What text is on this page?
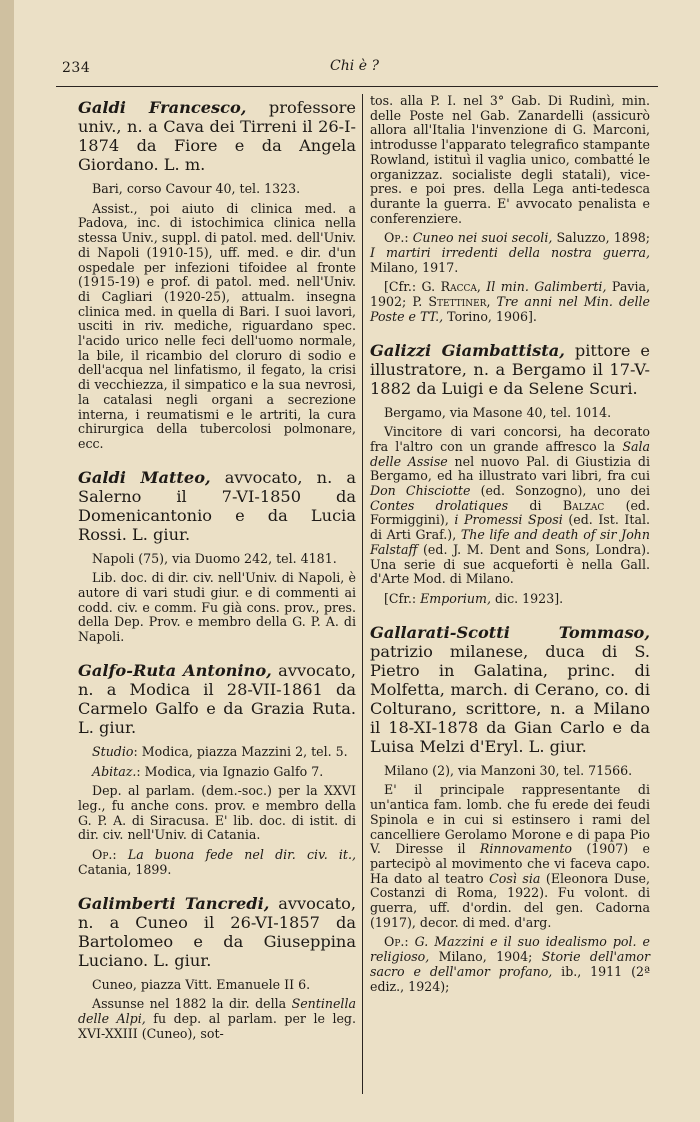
234	Chi è ?
Galdi Francesco, professore univ., n. a Cava dei Tirreni il 26-I-1874 da Fiore e da Angela Giordano. L. m.
Bari, corso Cavour 40, tel. 1323.
Assist., poi aiuto di clinica med. a Padova, inc. di istochimica clinica nella stessa Univ., suppl. di patol. med. dell'Univ. di Napoli (1910-15), uff. med. e dir. d'un ospedale per infezioni tifoidee al fronte (1915-19) e prof. di patol. med. nell'Univ. di Cagliari (1920-25), attualm. insegna clinica med. in quella di Bari. I suoi lavori, usciti in riv. mediche, riguardano spec. l'acido urico nelle feci dell'uomo normale, la bile, il ricambio del cloruro di sodio e dell'acqua nel linfatismo, il fegato, la crisi di vecchiezza, il simpatico e la sua nevrosi, la catalasi negli organi a secrezione interna, i reumatismi e le artriti, la cura chirurgica della tubercolosi polmonare, ecc.
Galdi Matteo, avvocato, n. a Salerno il 7-VI-1850 da Domenicantonio e da Lucia Rossi. L. giur.
Napoli (75), via Duomo 242, tel. 4181.
Lib. doc. di dir. civ. nell'Univ. di Napoli, è autore di vari studi giur. e di commenti ai codd. civ. e comm. Fu già cons. prov., pres. della Dep. Prov. e membro della G. P. A. di Napoli.
Galfo-Ruta Antonino, avvocato, n. a Modica il 28-VII-1861 da Carmelo Galfo e da Grazia Ruta. L. giur.
Studio: Modica, piazza Mazzini 2, tel. 5.
Abitaz.: Modica, via Ignazio Galfo 7.
Dep. al parlam. (dem.-soc.) per la XXVI leg., fu anche cons. prov. e membro della G. P. A. di Siracusa. E' lib. doc. di istit. di dir. civ. nell'Univ. di Catania.
Op.: La buona fede nel dir. civ. it., Catania, 1899.
Galimberti Tancredi, avvocato, n. a Cuneo il 26-VI-1857 da Bartolomeo e da Giuseppina Luciano. L. giur.
Cuneo, piazza Vitt. Emanuele II 6.
Assunse nel 1882 la dir. della Sentinella delle Alpi, fu dep. al parlam. per le leg. XVI-XXIII (Cuneo), sot-
tos. alla P. I. nel 3° Gab. Di Rudinì, min. delle Poste nel Gab. Zanardelli (assicurò allora all'Italia l'invenzione di G. Marconi, introdusse l'apparato telegrafico stampante Rowland, istituì il vaglia unico, combatté le organizzaz. socialiste degli statali), vice-pres. e poi pres. della Lega anti-tedesca durante la guerra. E' avvocato penalista e conferenziere.
Op.: Cuneo nei suoi secoli, Saluzzo, 1898; I martiri irredenti della nostra guerra, Milano, 1917.
[Cfr.: G. Racca, Il min. Galimberti, Pavia, 1902; P. Stettiner, Tre anni nel Min. delle Poste e TT., Torino, 1906].
Galizzi Giambattista, pittore e illustratore, n. a Bergamo il 17-V-1882 da Luigi e da Selene Scuri.
Bergamo, via Masone 40, tel. 1014.
Vincitore di vari concorsi, ha decorato fra l'altro con un grande affresco la Sala delle Assise nel nuovo Pal. di Giustizia di Bergamo, ed ha illustrato vari libri, fra cui Don Chisciotte (ed. Sonzogno), uno dei Contes drolatiques di Balzac (ed. Formiggini), i Promessi Sposi (ed. Ist. Ital. di Arti Graf.), The life and death of sir John Falstaff (ed. J. M. Dent and Sons, Londra). Una serie di sue acqueforti è nella Gall. d'Arte Mod. di Milano.
[Cfr.: Emporium, dic. 1923].
Gallarati-Scotti Tommaso, patrizio milanese, duca di S. Pietro in Galatina, princ. di Molfetta, march. di Cerano, co. di Colturano, scrittore, n. a Milano il 18-XI-1878 da Gian Carlo e da Luisa Melzi d'Eryl. L. giur.
Milano (2), via Manzoni 30, tel. 71566.
E' il principale rappresentante di un'antica fam. lomb. che fu erede dei feudi Spinola e in cui si estinsero i rami del cancelliere Gerolamo Morone e di papa Pio V. Diresse il Rinnovamento (1907) e partecipò al movimento che vi faceva capo. Ha dato al teatro Così sia (Eleonora Duse, Costanzi di Roma, 1922). Fu volont. di guerra, uff. d'ordin. del gen. Cadorna (1917), decor. di med. d'arg.
Op.: G. Mazzini e il suo idealismo pol. e religioso, Milano, 1904; Storie dell'amor sacro e dell'amor profano, ib., 1911 (2ª ediz., 1924);
